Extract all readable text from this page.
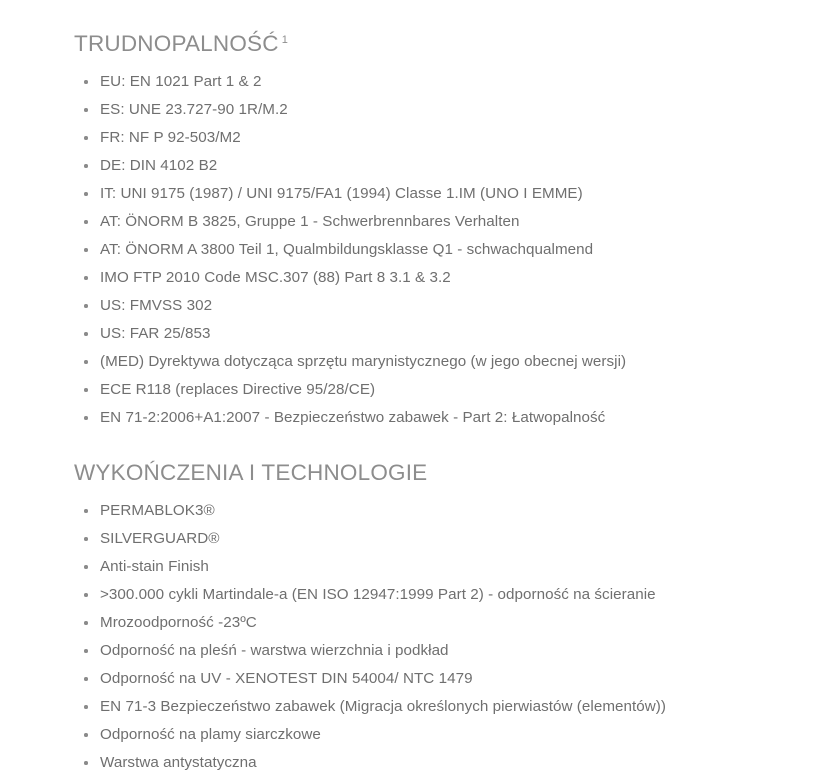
TRUDNOPALNOŚĆ $^1$
EU: EN 1021 Part 1 & 2
ES: UNE 23.727-90 1R/M.2
FR: NF P 92-503/M2
DE: DIN 4102 B2
IT: UNI 9175 (1987) / UNI 9175/FA1 (1994) Classe 1.IM (UNO I EMME)
AT: ÖNORM B 3825, Gruppe 1 - Schwerbrennbares Verhalten
AT: ÖNORM A 3800 Teil 1, Qualmbildungsklasse Q1 - schwachqualmend
IMO FTP 2010 Code MSC.307 (88) Part 8 3.1 & 3.2
US: FMVSS 302
US: FAR 25/853
(MED) Dyrektywa dotycząca sprzętu marynistycznego (w jego obecnej wersji)
ECE R118 (replaces Directive 95/28/CE)
EN 71-2:2006+A1:2007 - Bezpieczeństwo zabawek - Part 2: Łatwopalność
WYKOŃCZENIA I TECHNOLOGIE
PERMABLOK3®
SILVERGUARD®
Anti-stain Finish
>300.000 cykli Martindale-a (EN ISO 12947:1999 Part 2) - odporność na ścieranie
Mrozoodporność -23ºC
Odporność na pleśń - warstwa wierzchnia i podkład
Odporność na UV - XENOTEST DIN 54004/ NTC 1479
EN 71-3 Bezpieczeństwo zabawek (Migracja określonych pierwiastów (elementów))
Odporność na plamy siarczkowe
Warstwa antystatyczna
